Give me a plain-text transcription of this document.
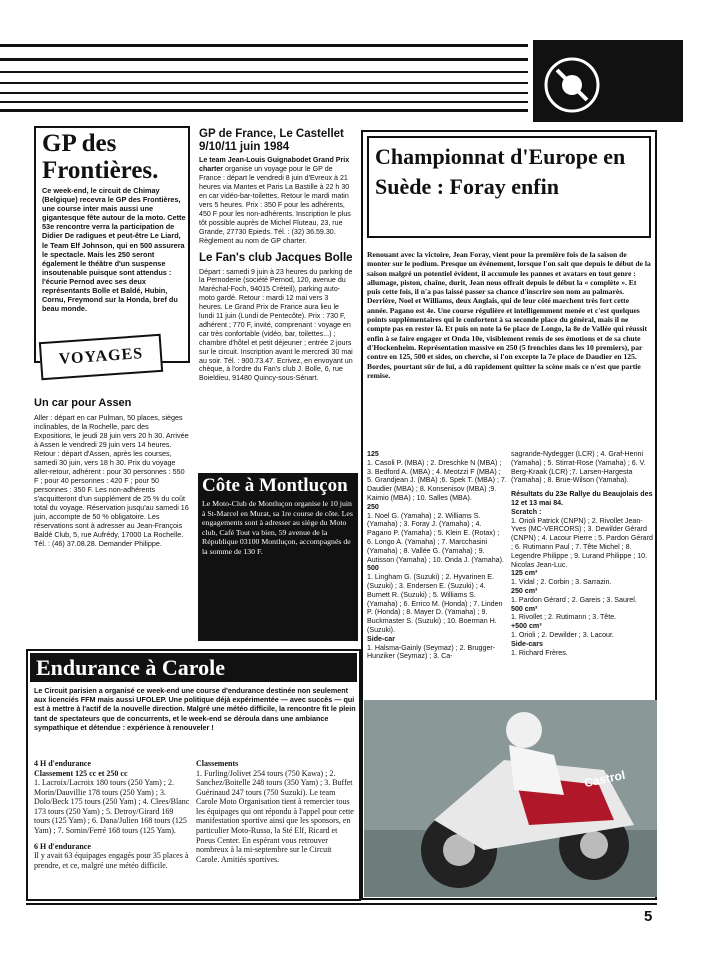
infor
GP des Frontières.

Ce week-end, le circuit de Chimay (Belgique) recevra le GP des Frontières, une course inter mais aussi une gigantesque fête autour de la moto. Cette 53e rencontre verra la participation de Didier De radigues et peut-être Le Liard, le Team Elf Johnson, qui en 500 assurera le spectacle. Mais les 250 seront également le théâtre d'un suspense insoutenable puisque sont attendus : l'écurie Pernod avec ses deux représentants Bolle et Baldé, Hubin, Cornu, Freymond sur la Honda, bref du beau monde.

VOYAGES
Un car pour Assen

Aller : départ en car Pulman, 50 places, sièges inclinables, de la Rochelle, parc des Expositions, le jeudi 28 juin vers 20 h 30. Arrivée à Assen le vendredi 29 juin vers 14 heures. Retour : départ d'Assen, après les courses, samedi 30 juin, vers 18 h 30. Prix du voyage aller-retour, adhérent : pour 30 personnes : 550 F ; pour 40 personnes : 420 F ; pour 50 personnes : 350 F. Les non-adhérents s'acquitteront d'un supplément de 25 % du coût total du voyage. Réservation jusqu'au samedi 16 juin, accompte de 50 % obligatoire. Les réservations sont à adresser au Jean-François Baldé Club, 5, rue Aufrédy, 17000 La Rochelle. Tél. : (46) 37.08.28. Demander Philippe.

GP de France, Le Castellet 9/10/11 juin 1984

Le team Jean-Louis Guignabodet Grand Prix charter organise un voyage pour le GP de France : départ le vendredi 8 juin d'Evreux à 21 heures via Mantes et Paris La Bastille à 22 h 30 en car vidéo-bar-toilettes. Retour le mardi matin vers 5 heures. Prix : 350 F pour les adhérents, 450 F pour les non-adhérents. Inscription le plus tôt possible auprès de Michel Fluteau, 23, rue Grande, 27730 Epieds. Tél. : (32) 36.59.30. Règlement au nom de GP charter.

Le Fan's club Jacques Bolle

Départ : samedi 9 juin à 23 heures du parking de la Pernoderie (société Pernod, 120, avenue du Maréchal-Foch, 94015 Créteil), parking auto-moto gardé. Retour : mardi 12 mai vers 3 heures. Le Grand Prix de France aura lieu le lundi 11 juin (Lundi de Pentecôte). Prix : 730 F, adhérent ; 770 F, invité, comprenant : voyage en car très confortable (vidéo, bar, toilettes...) ; chambre d'hôtel et petit déjeuner ; entrée 2 jours sur le circuit. Inscription avant le mercredi 30 mai au soir. Tél. : 900.73.47. Ecrivez, en envoyant un chèque, à l'ordre du Fan's club J. Bolle, 6, rue Boieldieu, 91480 Quincy-sous-Sénart.

Côte à Montluçon

Le Moto-Club de Montluçon organise le 10 juin à St-Marcel en Murat, sa 1re course de côte. Les engagements sont à adresser au siège du Moto club, Café Tout va bien, 59 avenue de la République 03100 Montluçon, accompagnés de la somme de 130 F.

Championnat d'Europe en Suède : Foray enfin

Renouant avec la victoire, Jean Foray, vient pour la première fois de la saison de monter sur le podium. Presque un événement, lorsque l'on sait que depuis le début de la saison malgré un potentiel évident, il accumule les pannes et avatars en tout genre : allumage, piston, chaîne, durit, Jean nous offrait depuis le début la « complète ». Et puis cette fois, il n'a pas laissé passer sa chance d'inscrire son nom au palmarès. Derrière, Noel et Williams, deux Anglais, qui de leur côté marchent très fort cette année. Pagano est 4e. Une course régulière et intelligemment menée et c'est quelques points supplémentaires qui le confortent à sa seconde place du général, mais il ne compte pas en rester là. Et puis on note la 6e place de Longo, la 8e de Vallée qui réussit enfin à se faire engager et Onda 10e, visiblement remis de ses émotions et de sa chute d'Hockenheim. Représentation massive en 250 (5 frenchies dans les 10 premiers), par contre en 125, 500 et sides, on cherche, si l'on excepte la 7e place de Daudier en 125. Bordes, pourtant sûr de lui, a dû rapidement quitter la scène mais ce n'est que partie remise.

125
1. Casoli P. (MBA) ; 2. Dreschke N (MBA) ; 3. Bedford A. (MBA) ; 4. Meotzzi F (MBA) ; 5. Grandjean J. (MBA) ;6. Spek T. (MBA) ; 7. Daudier (MBA) ; 8. Konsenisov (MBA) ;9. Kaimio (MBA) ; 10. Salles (MBA).
250
1. Noel G. (Yamaha) ; 2. Williams S. (Yamaha) ; 3. Foray J. (Yamaha) ; 4. Pagano P. (Yamaha) ; 5. Klein E. (Rotax) ; 6. Longo A. (Yamaha) ; 7. Marcchasini (Yamaha) ; 8. Vallée G. (Yamaha) ; 9. Autisson (Yamaha) ; 10. Onda J. (Yamaha).
500
1. Lingham G. (Suzuki) ; 2. Hyvarinen E. (Suzuki) ; 3. Endersen E. (Suzuki) ; 4. Burnett R. (Suzuki) ; 5. Williams S. (Yamaha) ; 6. Errico M. (Honda) ; 7. Linden P. (Honda) ; 8. Mayer D. (Yamaha) ; 9. Buckmaster S. (Suzuki) ; 10. Boerman H. (Suzuki).
Side-car
1. Halsma-Gainly (Seymaz) ; 2. Brugger-Hunziker (Seymaz) ; 3. Ca-
sagrande-Nydegger (LCR) ; 4. Graf-Henni (Yamaha) ; 5. Stirrat-Rose (Yamaha) ; 6. V. Berg-Kraak (LCR) ;7. Larsen-Hargesta (Yamaha) ; 8. Brue-Wilson (Yamaha).
Résultats du 23e Rallye du Beaujolais des 12 et 13 mai 84.
Scratch :
1. Orioli Patrick (CNPN) ; 2. Rivollet Jean-Yves (MC-VERCORS) ; 3. Dewilder Gérard (CNPN) ; 4. Lacour Pierre ; 5. Pardon Gérard ; 6. Rutimann Paul ; 7. Tête Michel ; 8. Legendre Philippe ; 9. Lurand Philippe ; 10. Nicolas Jean-Luc.
125 cm³
1. Vidal ; 2. Corbin ; 3. Sarrazin.
250 cm³
1. Pardon Gérard ; 2. Gareis ; 3. Saurel.
500 cm³
1. Rivollet ; 2. Rutimann ; 3. Tête.
+500 cm³
1. Orioli ; 2. Dewilder ; 3. Lacour.
Side-cars
1. Richard Frères.
Castrol
Endurance à Carole

Le Circuit parisien a organisé ce week-end une course d'endurance destinée non seulement aux licenciés FFM mais aussi UFOLEP. Une politique déjà expérimentée — avec succès — qui est à mettre à l'actif de la nouvelle direction. Malgré une météo difficile, la rencontre fit le plein tant de spectateurs que de concurrents, et le week-end se déroula dans une ambiance sympathique et détendue : expérience à renouveler !

4 H d'endurance
Classement 125 cc et 250 cc
1. Lacroix/Lacroix 180 tours (250 Yam) ; 2. Morin/Dauvillie 178 tours (250 Yam) ; 3. Dolo/Beck 175 tours (250 Yam) ; 4. Clees/Blanc 173 tours (250 Yam) ; 5. Detroy/Girard 169 tours (125 Yam) ; 6. Dana/Julien 168 tours (125 Yam) ; 7. Sornin/Ferré 168 tours (125 Yam).
6 H d'endurance
Il y avait 63 équipages engagés pour 35 places à prendre, et ce, malgré une météo difficile.
Classements
1. Furling/Jolivet 254 tours (750 Kawa) ; 2. Sanchez/Boitelle 248 tours (350 Yam) ; 3. Buffet Guérinaud 247 tours (750 Suzuki). Le team Carole Moto Organisation tient à remercier tous les équipages qui ont répondu à l'appel pour cette manifestation sportive ainsi que les sponsors, en particulier Moto-Russo, la Sté Elf, Ricard et Pneus Center. En espérant vous retrouver nombreux à la mi-septembre sur le Circuit Carole. Amitiés sportives.
5
